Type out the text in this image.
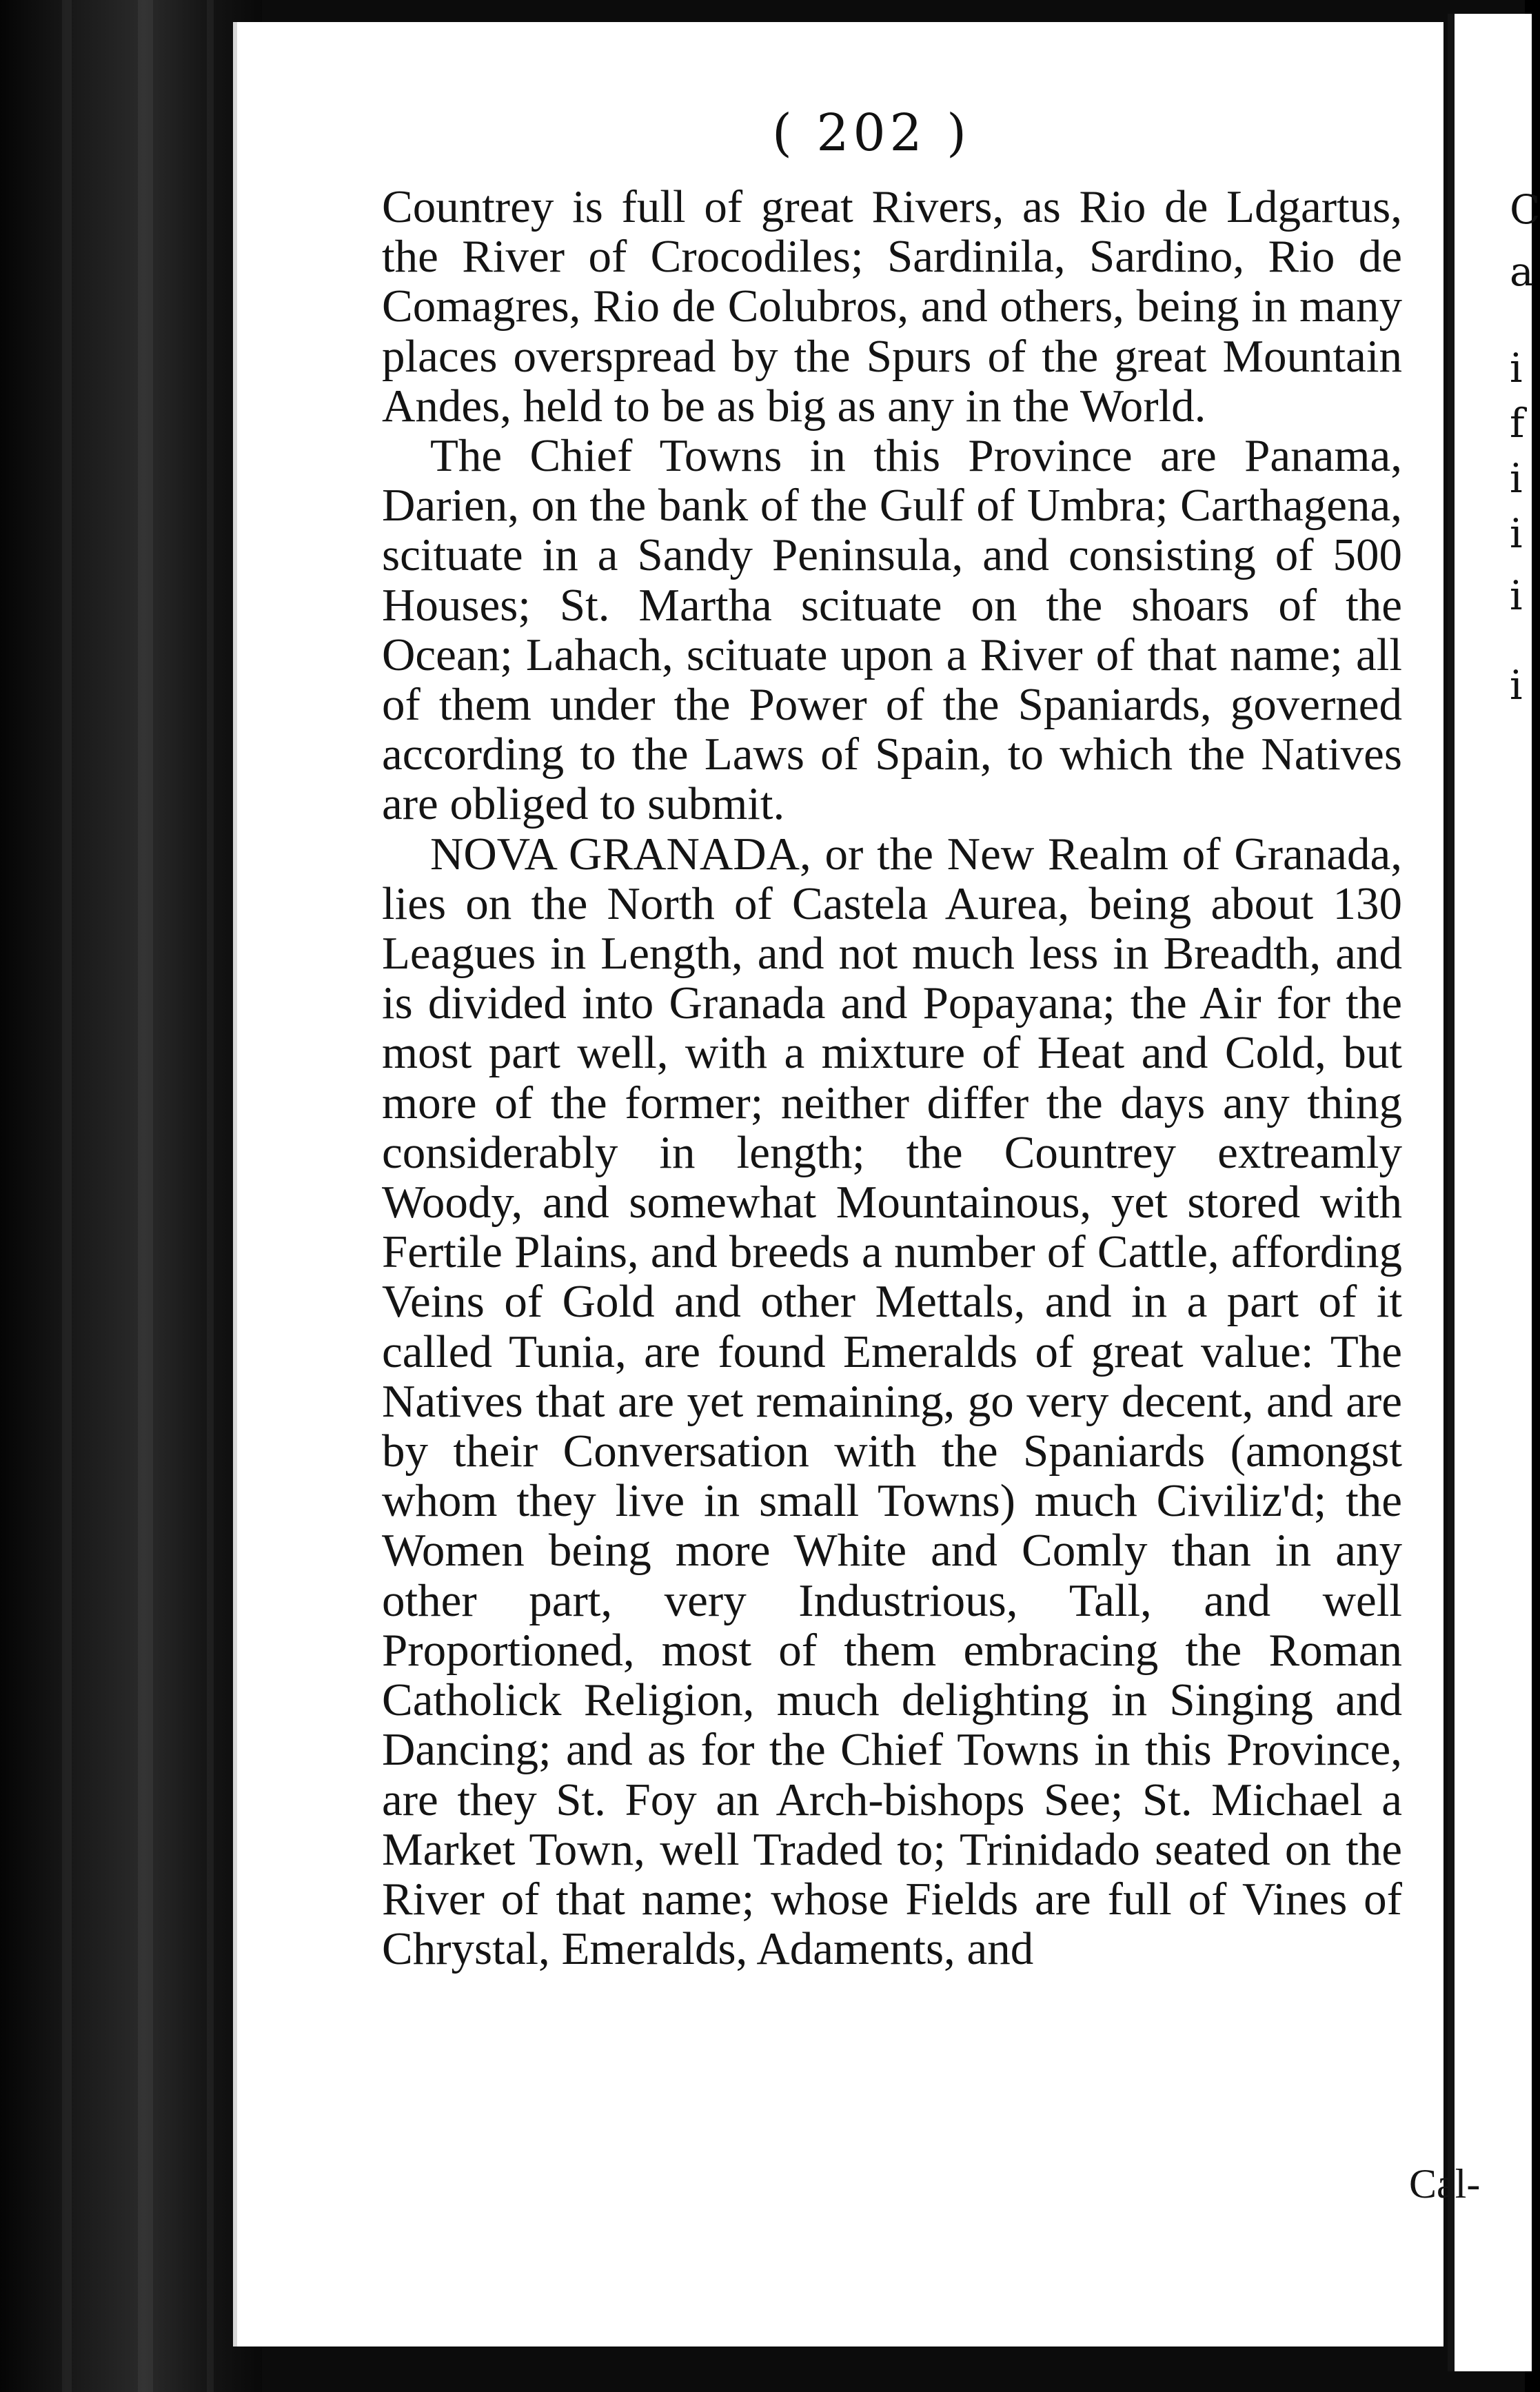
C
a
i
f
i
i
i
i
( 202 )

Countrey is full of great Rivers, as Rio de Ldgartus, the River of Crocodiles; Sardinila, Sardino, Rio de Comagres, Rio de Colubros, and others, being in many places overspread by the Spurs of the great Mountain Andes, held to be as big as any in the World.

The Chief Towns in this Province are Panama, Darien, on the bank of the Gulf of Umbra; Carthagena, scituate in a Sandy Peninsula, and consisting of 500 Houses; St. Martha scituate on the shoars of the Ocean; Lahach, scituate upon a River of that name; all of them under the Power of the Spaniards, governed according to the Laws of Spain, to which the Natives are obliged to submit.

NOVA GRANADA, or the New Realm of Granada, lies on the North of Castela Aurea, being about 130 Leagues in Length, and not much less in Breadth, and is divided into Granada and Popayana; the Air for the most part well, with a mixture of Heat and Cold, but more of the former; neither differ the days any thing considerably in length; the Countrey extreamly Woody, and somewhat Mountainous, yet stored with Fertile Plains, and breeds a number of Cattle, affording Veins of Gold and other Mettals, and in a part of it called Tunia, are found Emeralds of great value: The Natives that are yet remaining, go very decent, and are by their Conversation with the Spaniards (amongst whom they live in small Towns) much Civiliz'd; the Women being more White and Comly than in any other part, very Industrious, Tall, and well Proportioned, most of them embracing the Roman Catholick Religion, much delighting in Singing and Dancing; and as for the Chief Towns in this Province, are they St. Foy an Arch-bishops See; St. Michael a Market Town, well Traded to; Trinidado seated on the River of that name; whose Fields are full of Vines of Chrystal, Emeralds, Adaments, and

Cal-
